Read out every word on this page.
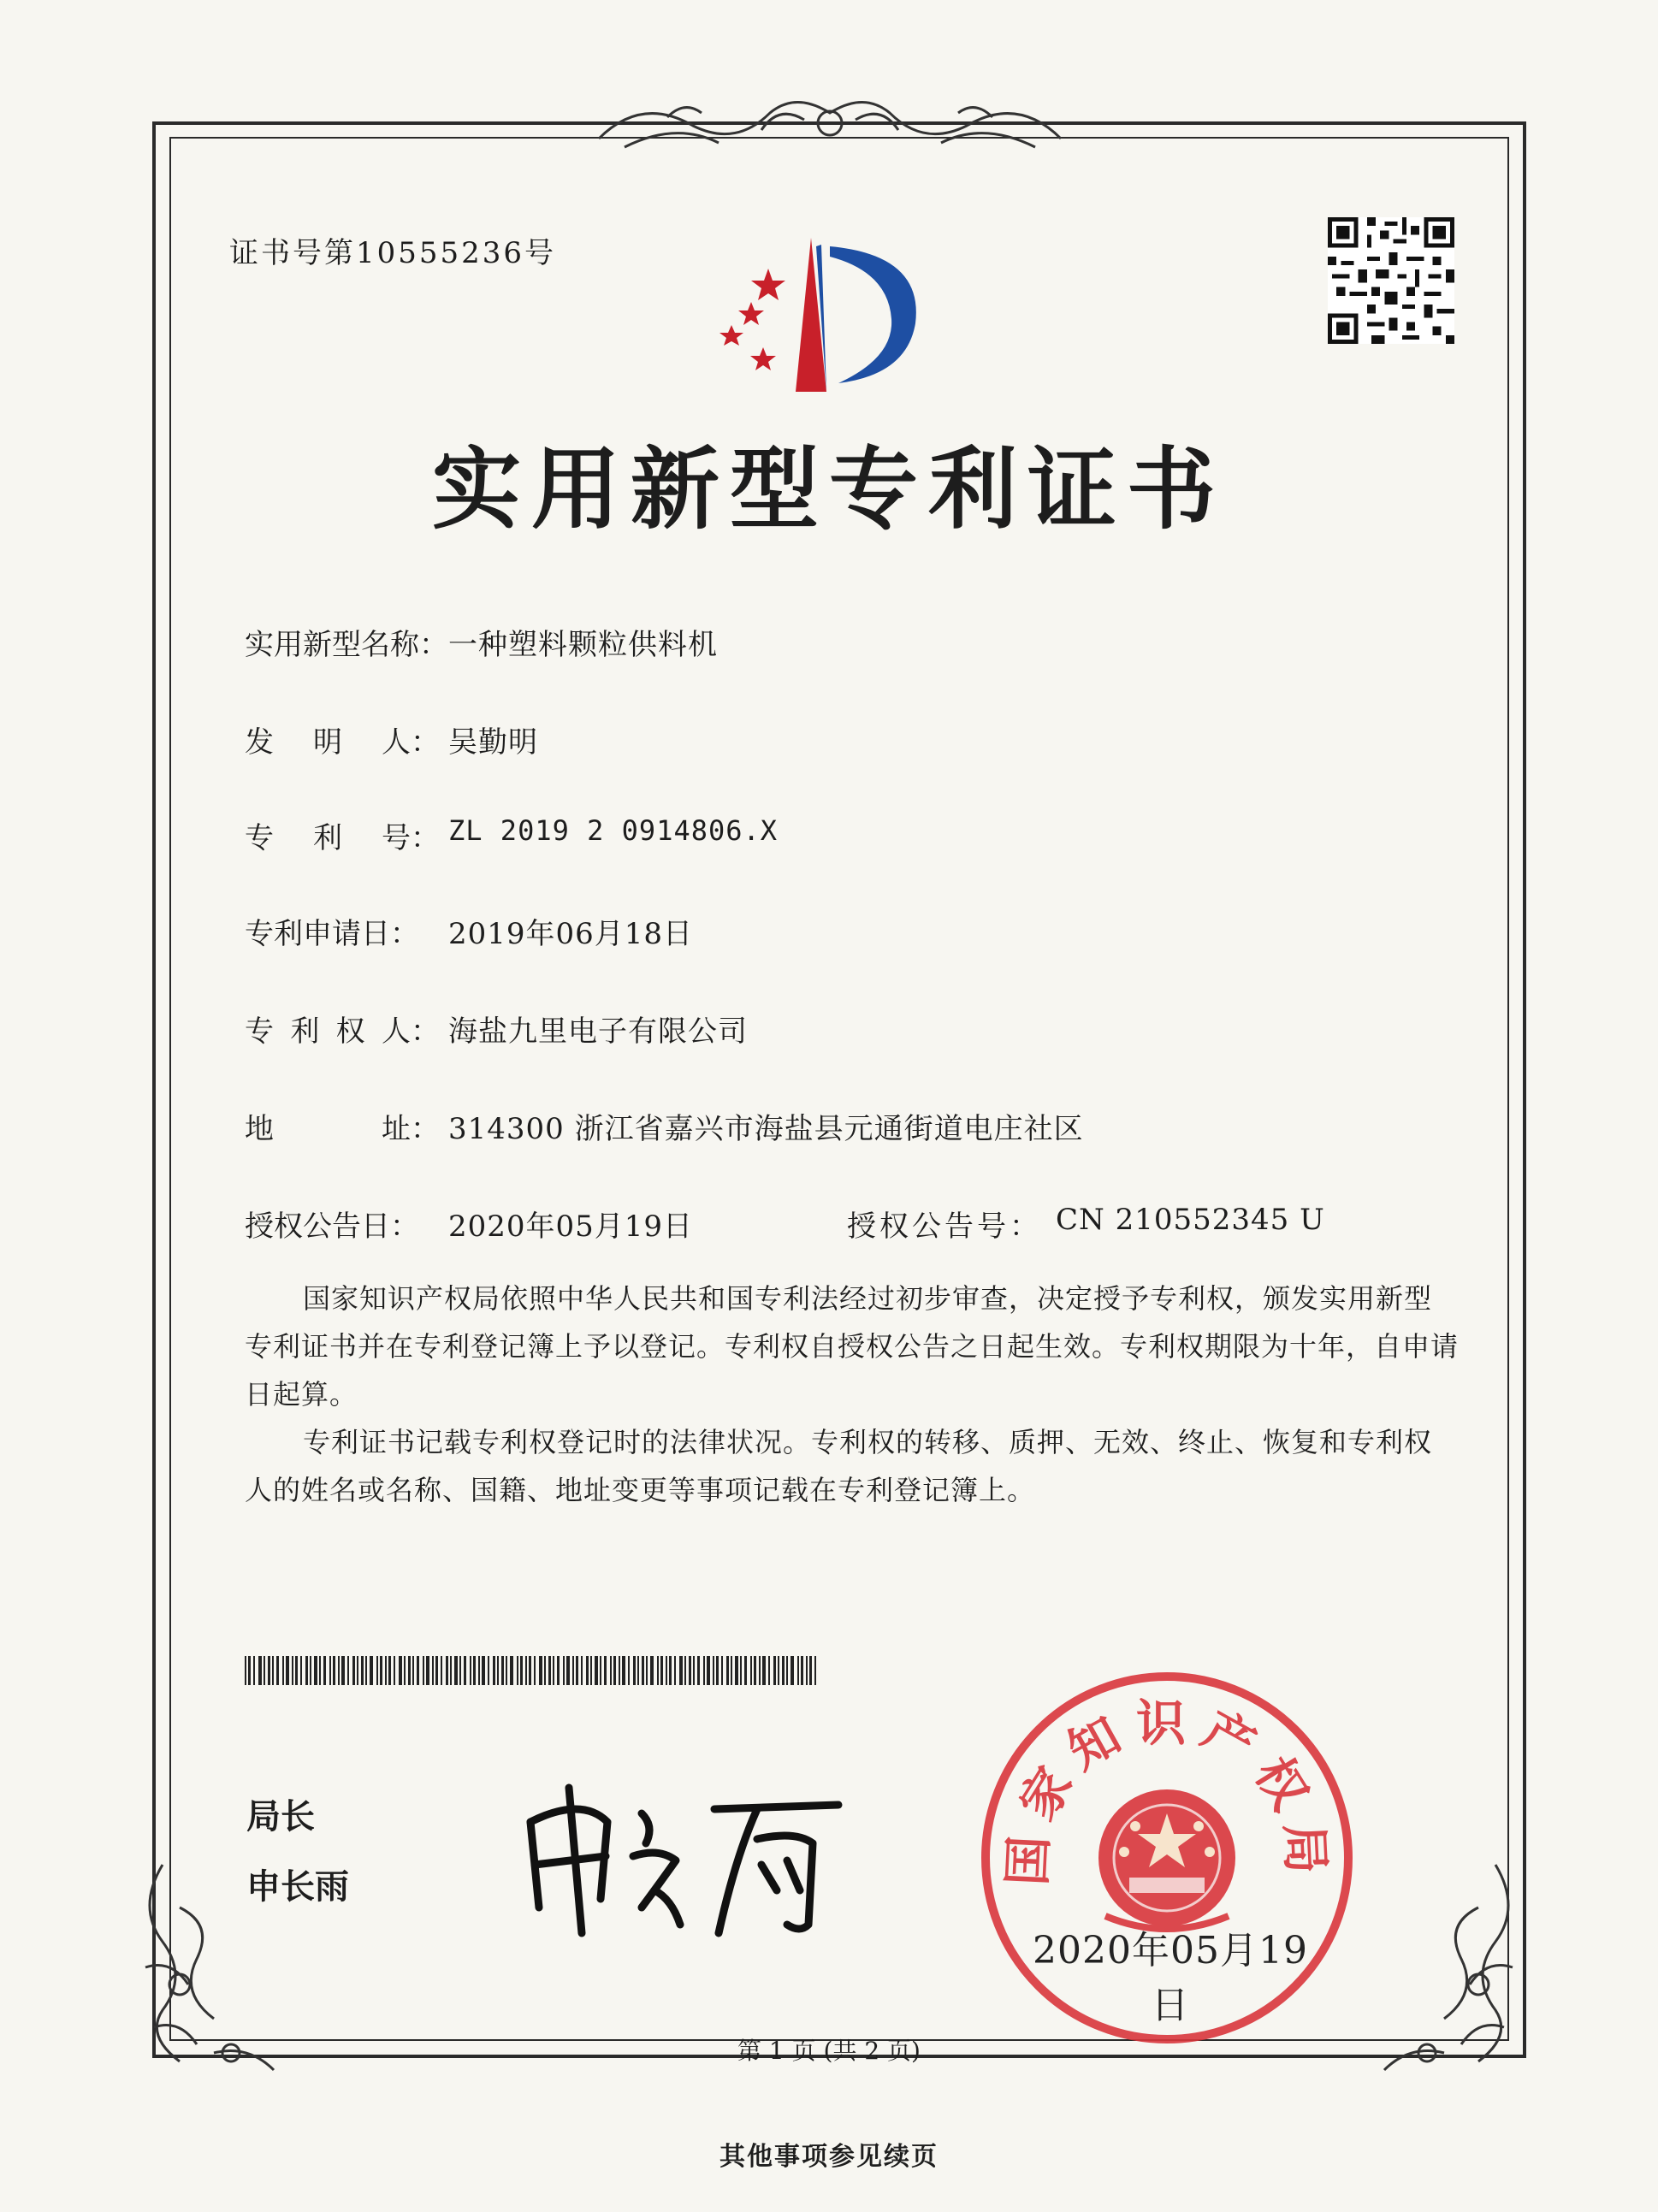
证书号第10555236号
实用新型专利证书
实用新型名称： 一种塑料颗粒供料机
发 明 人： 吴勤明
专 利 号： ZL 2019 2 0914806.X
专利申请日：	2019年06月18日
专 利 权 人： 海盐九里电子有限公司
地	址： 314300 浙江省嘉兴市海盐县元通街道电庄社区
授权公告日：	2020年05月19日	授权公告号： CN 210552345 U
国家知识产权局依照中华人民共和国专利法经过初步审查，决定授予专利权，颁发实用新型专利证书并在专利登记簿上予以登记。专利权自授权公告之日起生效。专利权期限为十年，自申请日起算。
专利证书记载专利权登记时的法律状况。专利权的转移、质押、无效、终止、恢复和专利权人的姓名或名称、国籍、地址变更等事项记载在专利登记簿上。
局长
申长雨	国家知识产权局
2020年05月19日
第 1 页 (共 2 页)
其他事项参见续页
